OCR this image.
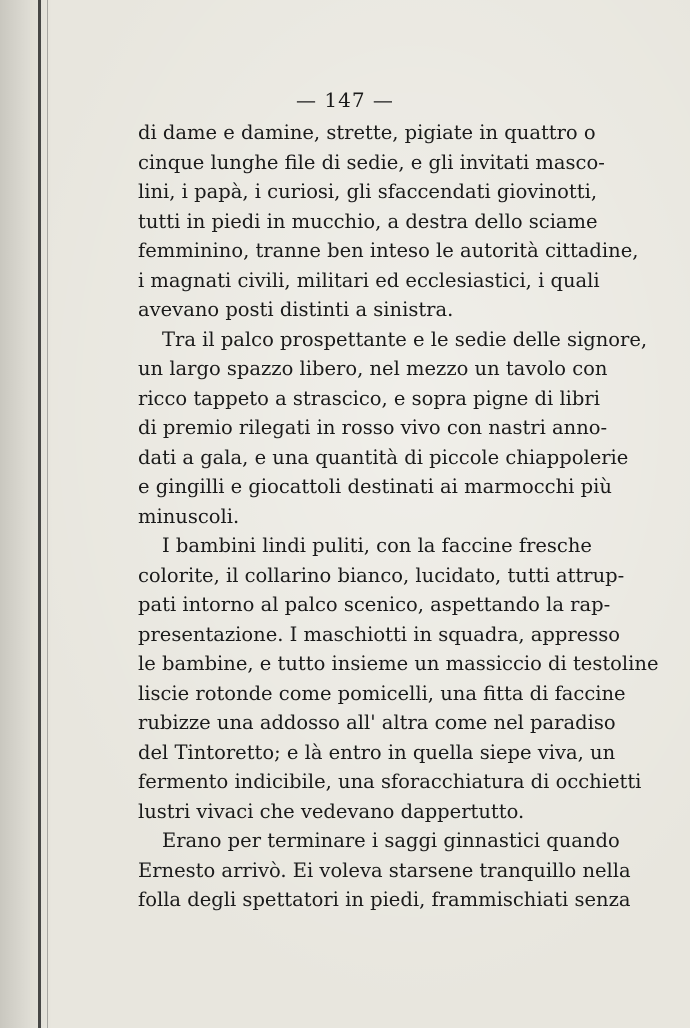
— 147 —
di dame e damine, strette, pigiate in quattro o
cinque lunghe file di sedie, e gli invitati masco-
lini, i papà, i curiosi, gli sfaccendati giovinotti,
tutti in piedi in mucchio, a destra dello sciame
femminino, tranne ben inteso le autorità cittadine,
i magnati civili, militari ed ecclesiastici, i quali
avevano posti distinti a sinistra.
Tra il palco prospettante e le sedie delle signore,
un largo spazzo libero, nel mezzo un tavolo con
ricco tappeto a strascico, e sopra pigne di libri
di premio rilegati in rosso vivo con nastri anno-
dati a gala, e una quantità di piccole chiappolerie
e gingilli e giocattoli destinati ai marmocchi più
minuscoli.
I bambini lindi puliti, con la faccine fresche
colorite, il collarino bianco, lucidato, tutti attrup-
pati intorno al palco scenico, aspettando la rap-
presentazione. I maschiotti in squadra, appresso
le bambine, e tutto insieme un massiccio di testoline
liscie rotonde come pomicelli, una fitta di faccine
rubizze una addosso all' altra come nel paradiso
del Tintoretto; e là entro in quella siepe viva, un
fermento indicibile, una sforacchiatura di occhietti
lustri vivaci che vedevano dappertutto.
Erano per terminare i saggi ginnastici quando
Ernesto arrivò. Ei voleva starsene tranquillo nella
folla degli spettatori in piedi, frammischiati senza
